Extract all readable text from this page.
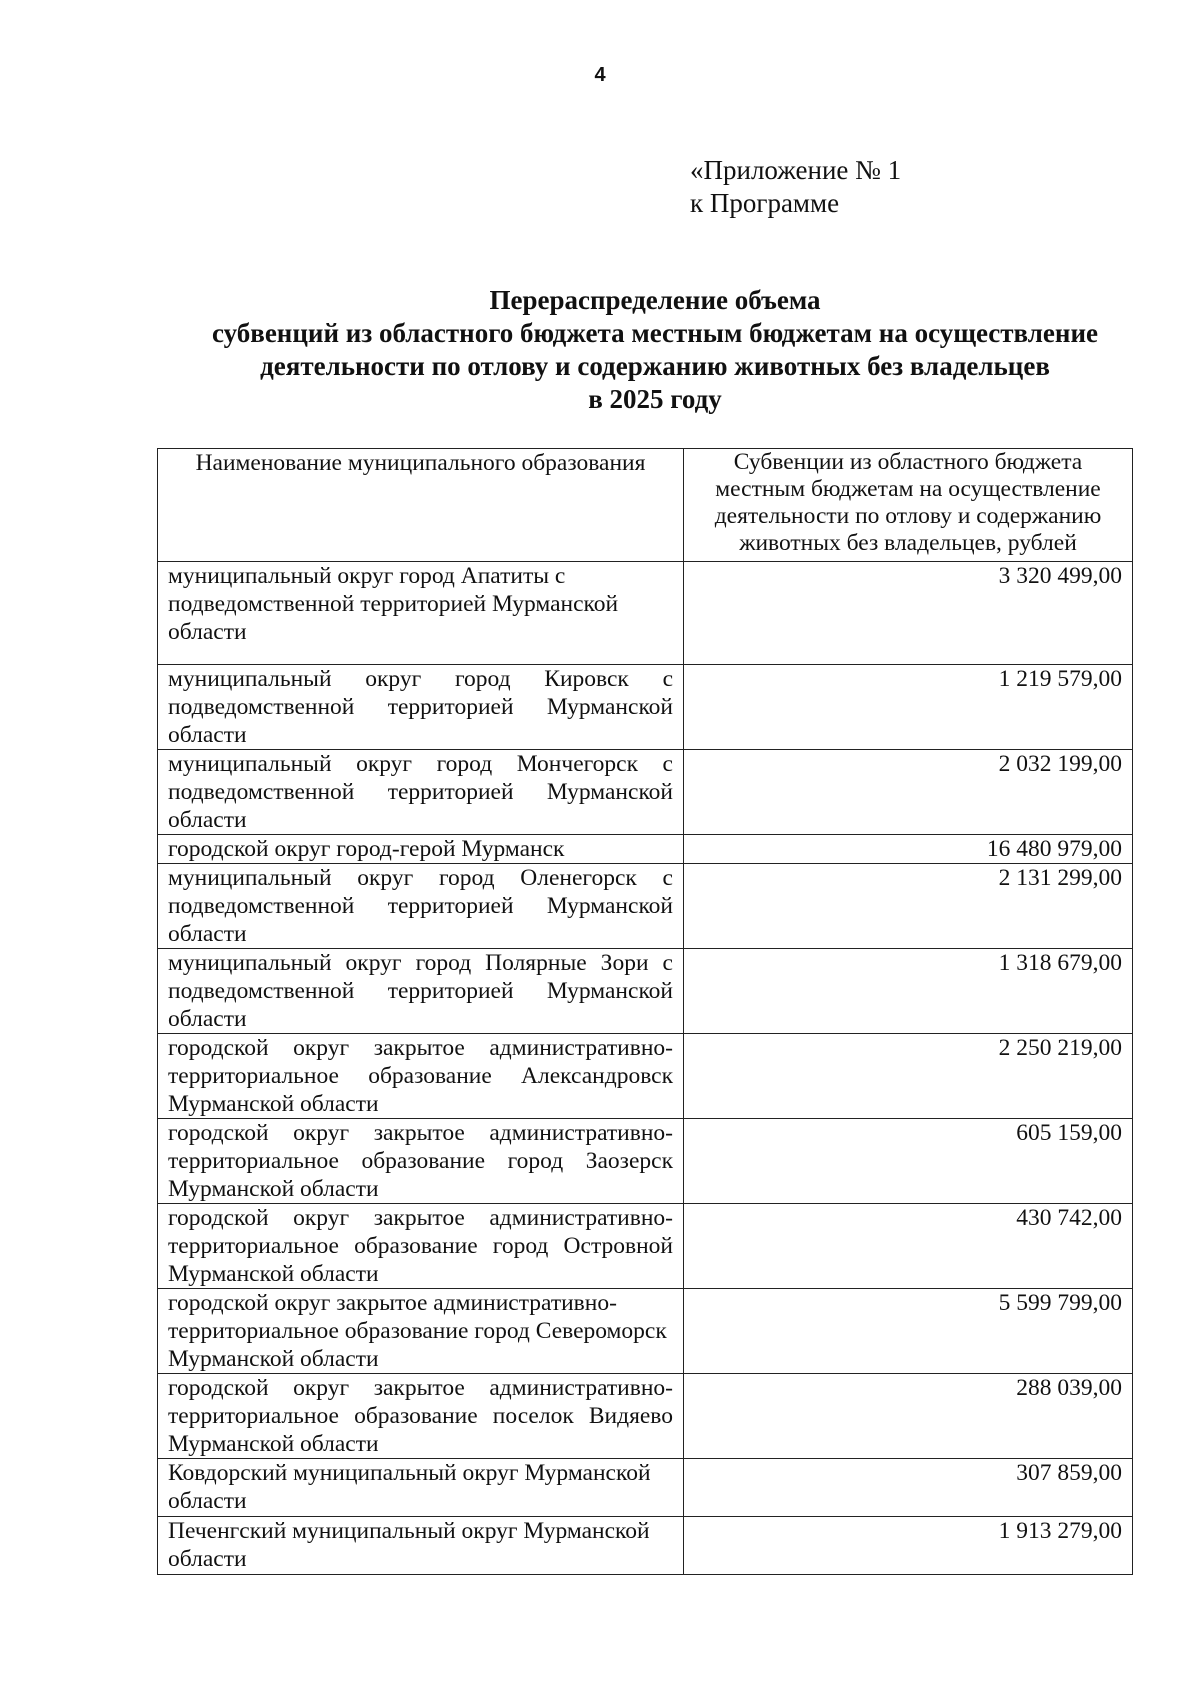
4
«Приложение № 1
к Программе
Перераспределение объема
субвенций из областного бюджета местным бюджетам на осуществление
деятельности по отлову и содержанию животных без владельцев
в 2025 году
Наименование муниципального образования	Субвенции из областного бюджета местным бюджетам на осуществление деятельности по отлову и содержанию животных без владельцев, рублей
муниципальный округ город Апатиты с подведомственной территорией Мурманской области	3 320 499,00
муниципальный округ город Кировск с подведомственной территорией Мурманской области	1 219 579,00
муниципальный округ город Мончегорск с подведомственной территорией Мурманской области	2 032 199,00
городской округ город-герой Мурманск	16 480 979,00
муниципальный округ город Оленегорск с подведомственной территорией Мурманской области	2 131 299,00
муниципальный округ город Полярные Зори с подведомственной территорией Мурманской области	1 318 679,00
городской округ закрытое административно-территориальное образование Александровск Мурманской области	2 250 219,00
городской округ закрытое административно-территориальное образование город Заозерск Мурманской области	605 159,00
городской округ закрытое административно-территориальное образование город Островной Мурманской области	430 742,00
городской округ закрытое административно-территориальное образование город Североморск Мурманской области	5 599 799,00
городской округ закрытое административно-территориальное образование поселок Видяево Мурманской области	288 039,00
Ковдорский муниципальный округ Мурманской области	307 859,00
Печенгский муниципальный округ Мурманской области	1 913 279,00
